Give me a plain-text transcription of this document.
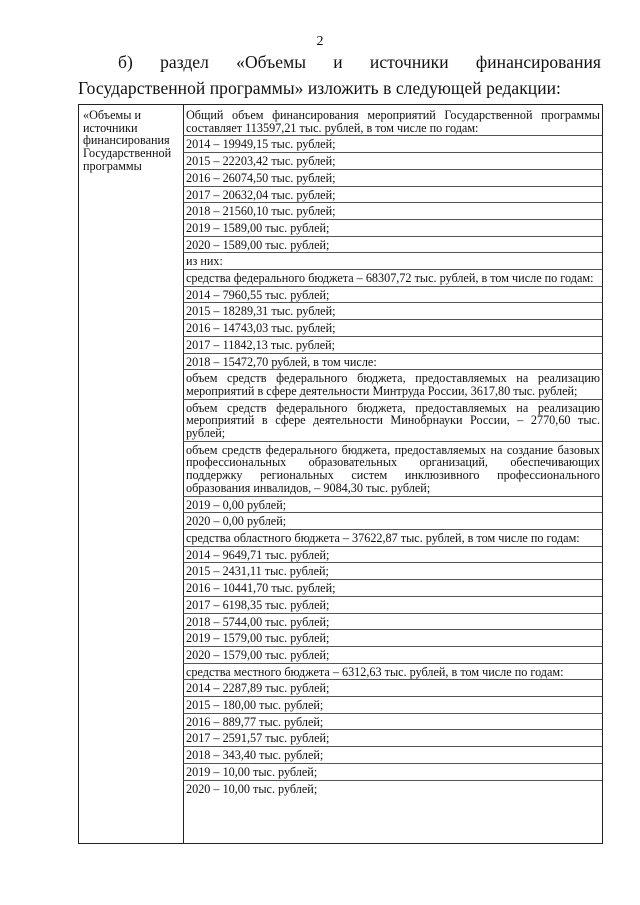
2
б) раздел «Объемы и источники финансирования Государственной программы» изложить в следующей редакции:
«Объемы и источники финансирования Государственной программы
Общий объем финансирования мероприятий Государственной программы составляет 113597,21 тыс. рублей, в том числе по годам:
2014 – 19949,15 тыс. рублей;
2015 – 22203,42 тыс. рублей;
2016 – 26074,50 тыс. рублей;
2017 – 20632,04 тыс. рублей;
2018 – 21560,10 тыс. рублей;
2019 – 1589,00 тыс. рублей;
2020 – 1589,00 тыс. рублей;
из них:
средства федерального бюджета – 68307,72 тыс. рублей, в том числе по годам:
2014 – 7960,55 тыс. рублей;
2015 – 18289,31 тыс. рублей;
2016 – 14743,03 тыс. рублей;
2017 – 11842,13 тыс. рублей;
2018 – 15472,70 рублей, в том числе:
объем средств федерального бюджета, предоставляемых на реализацию мероприятий в сфере деятельности Минтруда России, 3617,80 тыс. рублей;
объем средств федерального бюджета, предоставляемых на реализацию мероприятий в сфере деятельности Минобрнауки России, – 2770,60 тыс. рублей;
объем средств федерального бюджета, предоставляемых на создание базовых профессиональных образовательных организаций, обеспечивающих поддержку региональных систем инклюзивного профессионального образования инвалидов, – 9084,30 тыс. рублей;
2019 – 0,00 рублей;
2020 – 0,00 рублей;
средства областного бюджета – 37622,87 тыс. рублей, в том числе по годам:
2014 – 9649,71 тыс. рублей;
2015 – 2431,11 тыс. рублей;
2016 – 10441,70 тыс. рублей;
2017 – 6198,35 тыс. рублей;
2018 – 5744,00 тыс. рублей;
2019 – 1579,00 тыс. рублей;
2020 – 1579,00 тыс. рублей;
средства местного бюджета – 6312,63 тыс. рублей, в том числе по годам:
2014 – 2287,89 тыс. рублей;
2015 – 180,00 тыс. рублей;
2016 – 889,77 тыс. рублей;
2017 – 2591,57 тыс. рублей;
2018 – 343,40 тыс. рублей;
2019 – 10,00 тыс. рублей;
2020 – 10,00 тыс. рублей;
